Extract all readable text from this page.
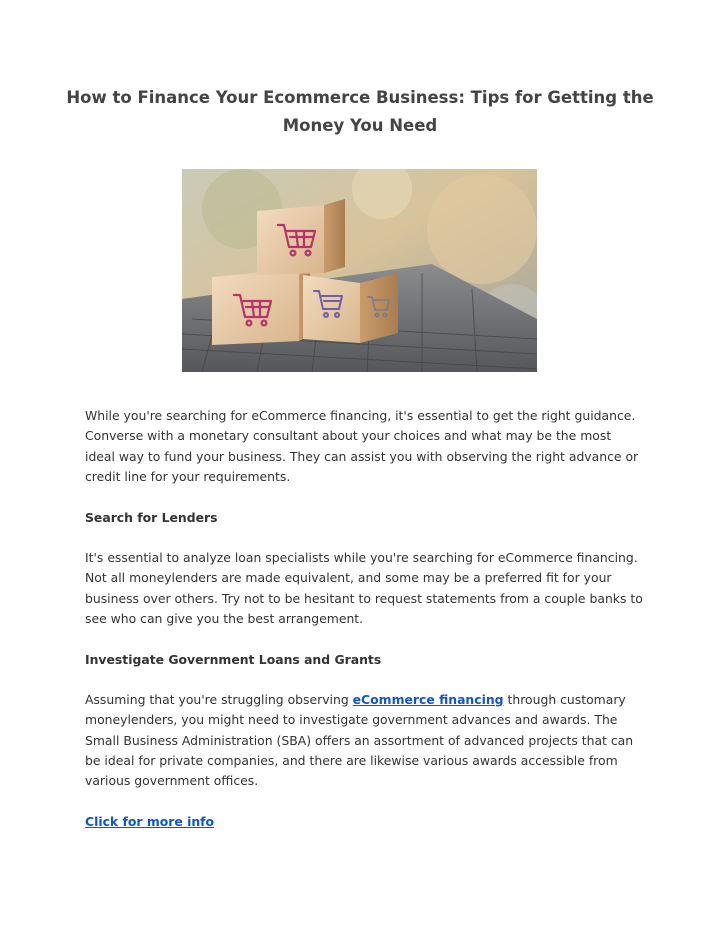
How to Finance Your Ecommerce Business: Tips for Getting the Money You Need

While you're searching for eCommerce financing, it's essential to get the right guidance. Converse with a monetary consultant about your choices and what may be the most ideal way to fund your business. They can assist you with observing the right advance or credit line for your requirements.

Search for Lenders

It's essential to analyze loan specialists while you're searching for eCommerce financing. Not all moneylenders are made equivalent, and some may be a preferred fit for your business over others. Try not to be hesitant to request statements from a couple banks to see who can give you the best arrangement.

Investigate Government Loans and Grants

Assuming that you're struggling observing eCommerce financing through customary moneylenders, you might need to investigate government advances and awards. The Small Business Administration (SBA) offers an assortment of advanced projects that can be ideal for private companies, and there are likewise various awards accessible from various government offices.

Click for more info
